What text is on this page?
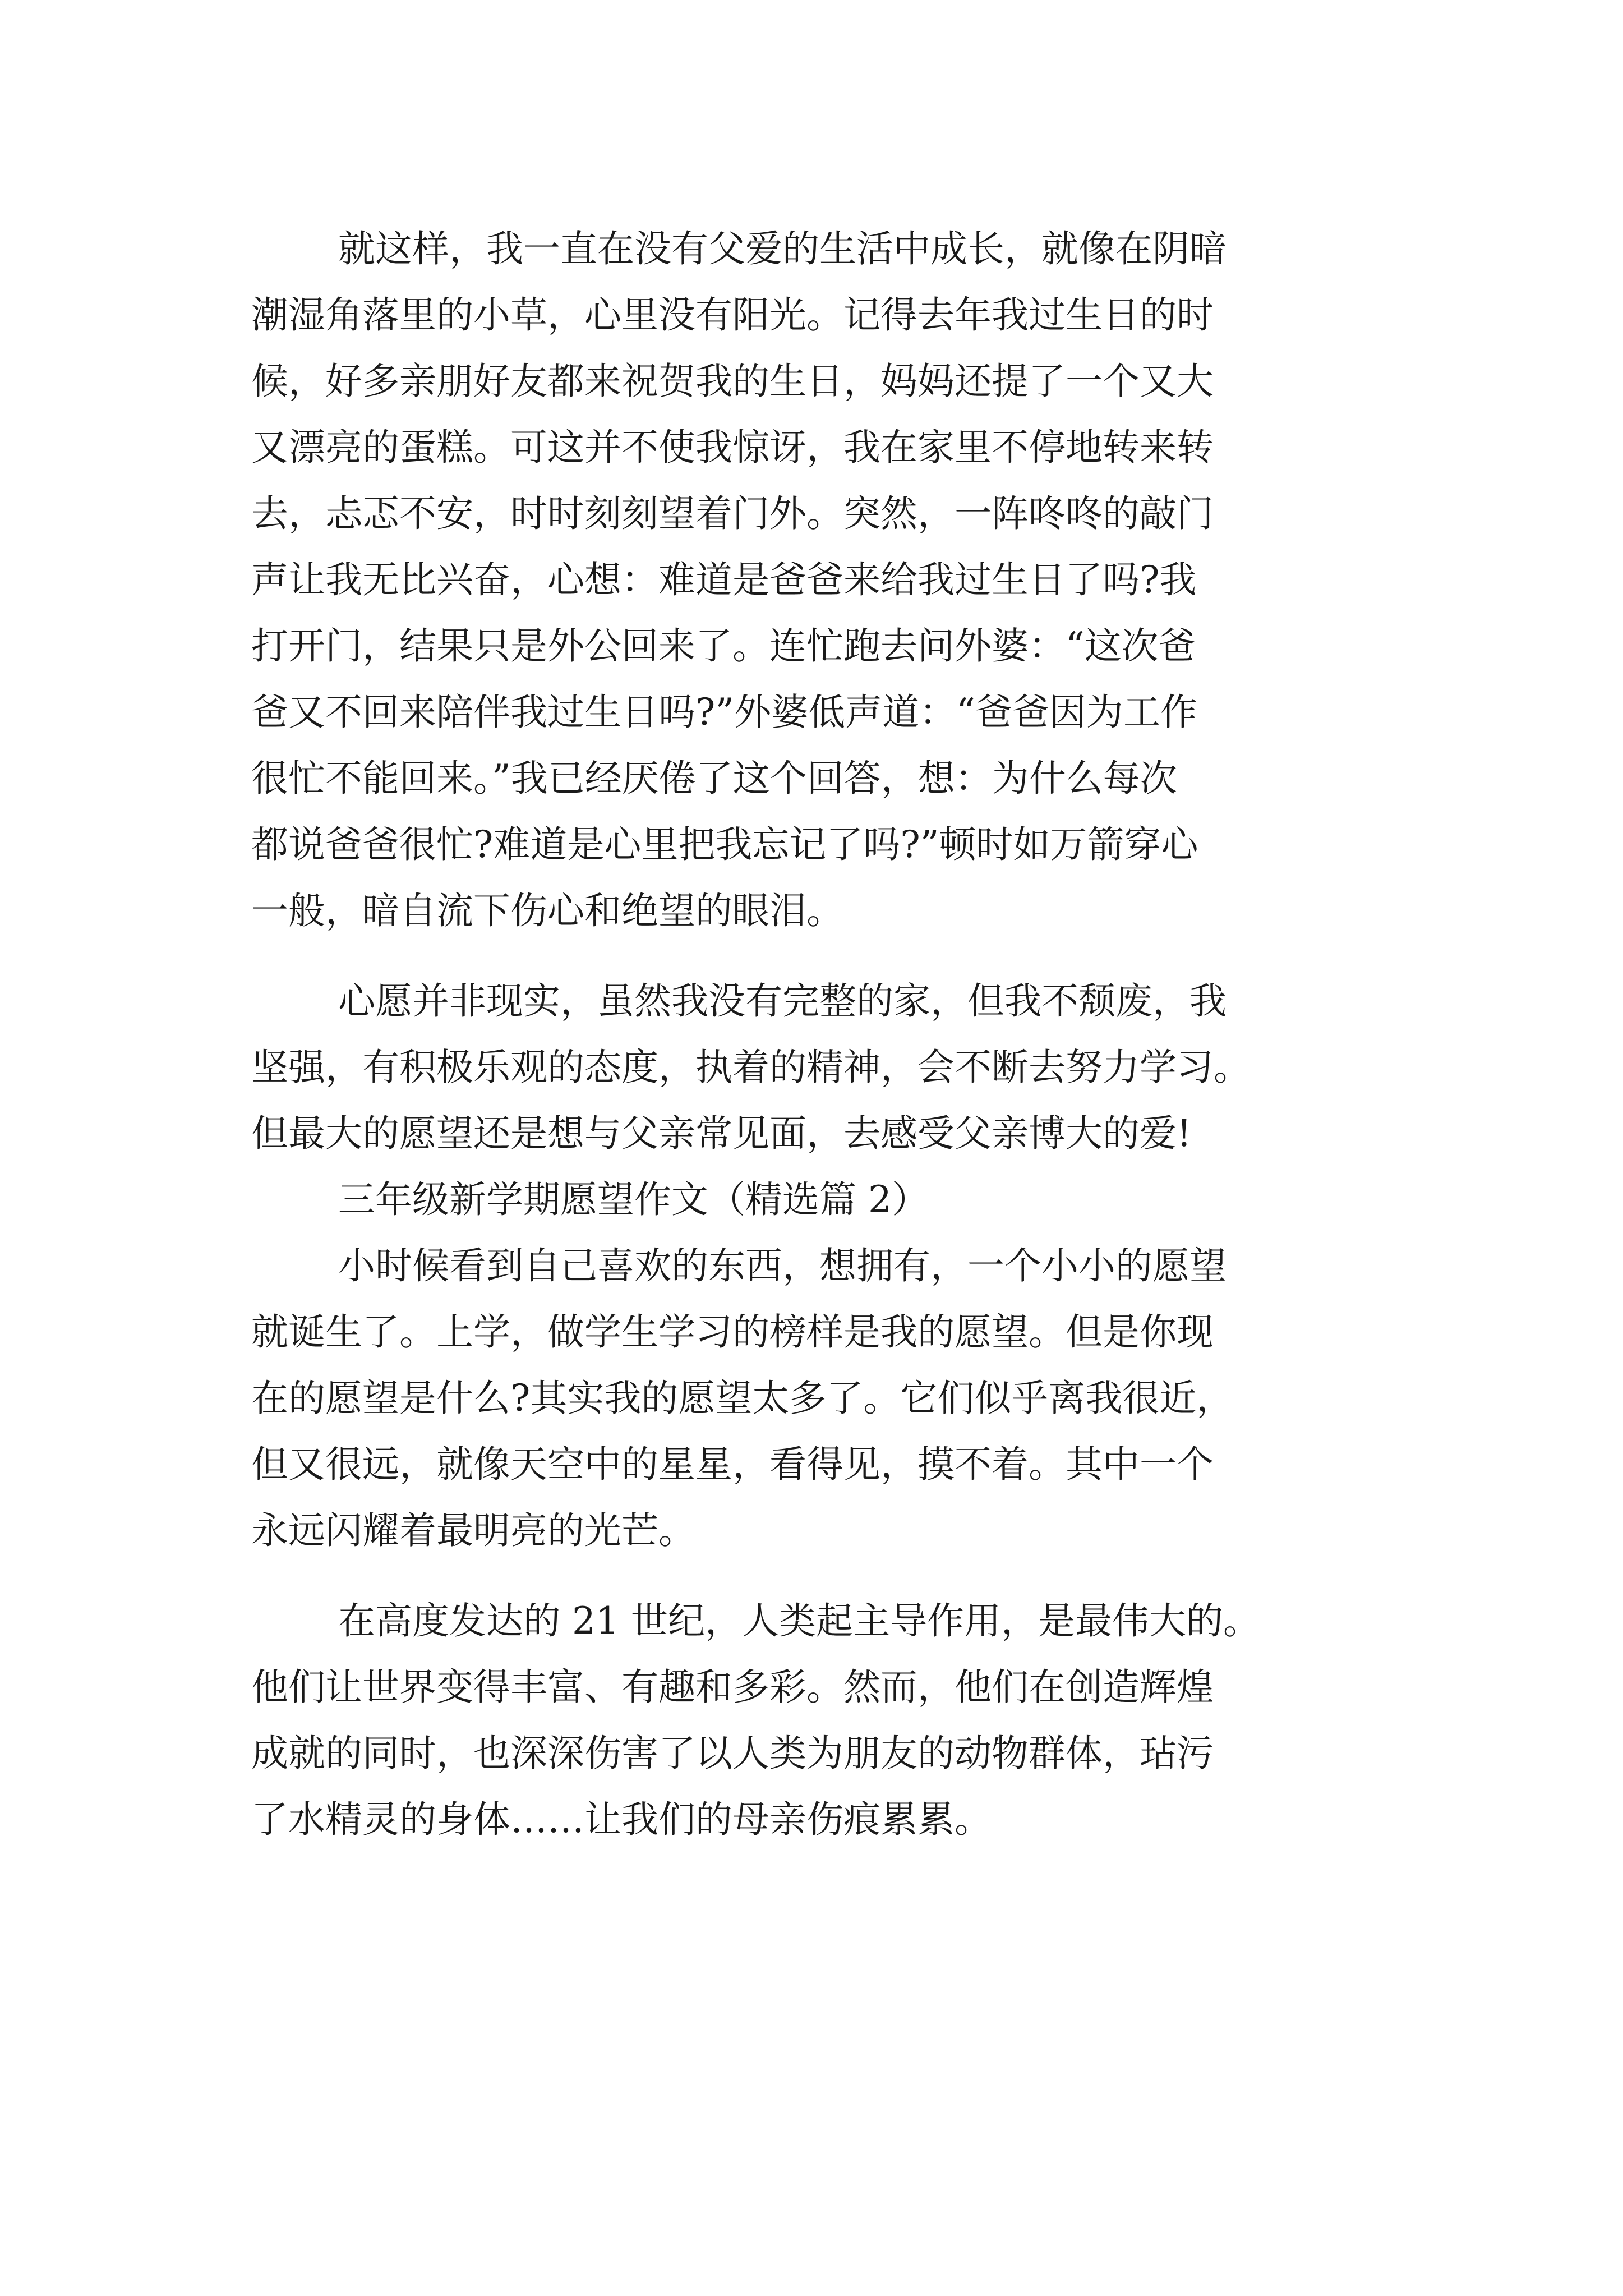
就这样，我一直在没有父爱的生活中成长，就像在阴暗
潮湿角落里的小草，心里没有阳光。记得去年我过生日的时
候，好多亲朋好友都来祝贺我的生日，妈妈还提了一个又大
又漂亮的蛋糕。可这并不使我惊讶，我在家里不停地转来转
去，忐忑不安，时时刻刻望着门外。突然，一阵咚咚的敲门
声让我无比兴奋，心想：难道是爸爸来给我过生日了吗?我
打开门，结果只是外公回来了。连忙跑去问外婆：“这次爸
爸又不回来陪伴我过生日吗?”外婆低声道：“爸爸因为工作
很忙不能回来。”我已经厌倦了这个回答，想：为什么每次
都说爸爸很忙?难道是心里把我忘记了吗?”顿时如万箭穿心
一般，暗自流下伤心和绝望的眼泪。
心愿并非现实，虽然我没有完整的家，但我不颓废，我
坚强，有积极乐观的态度，执着的精神，会不断去努力学习。
但最大的愿望还是想与父亲常见面，去感受父亲博大的爱!
三年级新学期愿望作文（精选篇 2）
小时候看到自己喜欢的东西，想拥有，一个小小的愿望
就诞生了。上学，做学生学习的榜样是我的愿望。但是你现
在的愿望是什么?其实我的愿望太多了。它们似乎离我很近，
但又很远，就像天空中的星星，看得见，摸不着。其中一个
永远闪耀着最明亮的光芒。
在高度发达的 21 世纪，人类起主导作用，是最伟大的。
他们让世界变得丰富、有趣和多彩。然而，他们在创造辉煌
成就的同时，也深深伤害了以人类为朋友的动物群体，玷污
了水精灵的身体……让我们的母亲伤痕累累。
